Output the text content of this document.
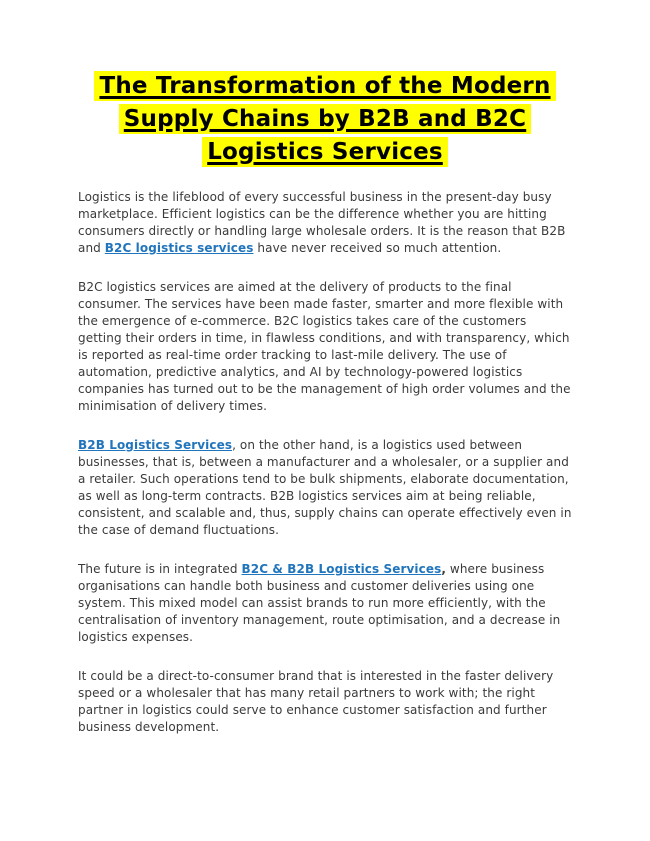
The Transformation of the Modern Supply Chains by B2B and B2C Logistics Services

Logistics is the lifeblood of every successful business in the present-day busy marketplace. Efficient logistics can be the difference whether you are hitting consumers directly or handling large wholesale orders. It is the reason that B2B and B2C logistics services have never received so much attention.

B2C logistics services are aimed at the delivery of products to the final consumer. The services have been made faster, smarter and more flexible with the emergence of e-commerce. B2C logistics takes care of the customers getting their orders in time, in flawless conditions, and with transparency, which is reported as real-time order tracking to last-mile delivery. The use of automation, predictive analytics, and AI by technology-powered logistics companies has turned out to be the management of high order volumes and the minimisation of delivery times.

B2B Logistics Services, on the other hand, is a logistics used between businesses, that is, between a manufacturer and a wholesaler, or a supplier and a retailer. Such operations tend to be bulk shipments, elaborate documentation, as well as long-term contracts. B2B logistics services aim at being reliable, consistent, and scalable and, thus, supply chains can operate effectively even in the case of demand fluctuations.

The future is in integrated B2C & B2B Logistics Services, where business organisations can handle both business and customer deliveries using one system. This mixed model can assist brands to run more efficiently, with the centralisation of inventory management, route optimisation, and a decrease in logistics expenses.

It could be a direct-to-consumer brand that is interested in the faster delivery speed or a wholesaler that has many retail partners to work with; the right partner in logistics could serve to enhance customer satisfaction and further business development.
